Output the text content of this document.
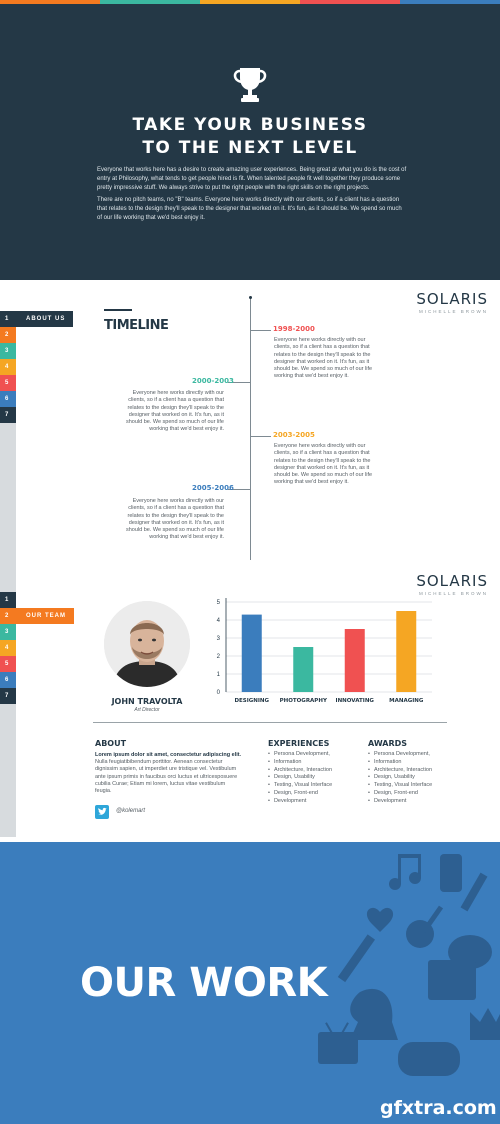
TAKE YOUR BUSINESS
TO THE NEXT LEVEL

Everyone that works here has a desire to create amazing user experiences. Being great at what you do is the cost of entry at Philosophy, what tends to get people hired is fit. When talented people fit well together they produce some pretty impressive stuff. We always strive to put the right people with the right skills on the right projects.

There are no pitch teams, no "B" teams. Everyone here works directly with our clients, so if a client has a question that relates to the design they'll speak to the designer that worked on it. It's fun, as it should be. We spend so much of our life working that we'd best enjoy it.

1	ABOUT US
2
3
4
5
6
7
TIMELINE
SOLARIS
MICHELLE BROWN
1998-2000

Everyone here works directly with our clients, so if a client has a question that relates to the design they'll speak to the designer that worked on it. It's fun, as it should be. We spend so much of our life working that we'd best enjoy it.

2000-2003

Everyone here works directly with our clients, so if a client has a question that relates to the design they'll speak to the designer that worked on it. It's fun, as it should be. We spend so much of our life working that we'd best enjoy it.

2003-2005

Everyone here works directly with our clients, so if a client has a question that relates to the design they'll speak to the designer that worked on it. It's fun, as it should be. We spend so much of our life working that we'd best enjoy it.

2005-2006

Everyone here works directly with our clients, so if a client has a question that relates to the design they'll speak to the designer that worked on it. It's fun, as it should be. We spend so much of our life working that we'd best enjoy it.

1
2	OUR TEAM
3
4
5
6
7
SOLARIS
MICHELLE BROWN
JOHN TRAVOLTA
Art Director
0
1
2
3
4
5
DESIGNING PHOTOGRAPHY INNOVATING	MANAGING
ABOUT

Lorem ipsum dolor sit amet, consectetur adipiscing elit. Nulla feugiatibibendum porttitor. Aenean consectetur dignissim sapien, ut imperdiet ure tristique vel. Vestibulum ante ipsum primis in faucibus orci luctus et ultricesposuere cubilia Curae; Etiam mi lorem, luctus vitae vestibulum feugia.

EXPERIENCES
• Persona Development,
• Information
• Architecture, Interaction
• Design, Usability
• Testing, Visual Interface
• Design, Front-end
• Development
AWARDS
• Persona Development,
• Information
• Architecture, Interaction
• Design, Usability
• Testing, Visual Interface
• Design, Front-end
• Development
@kolemart
OUR WORK
gfxtra.com
